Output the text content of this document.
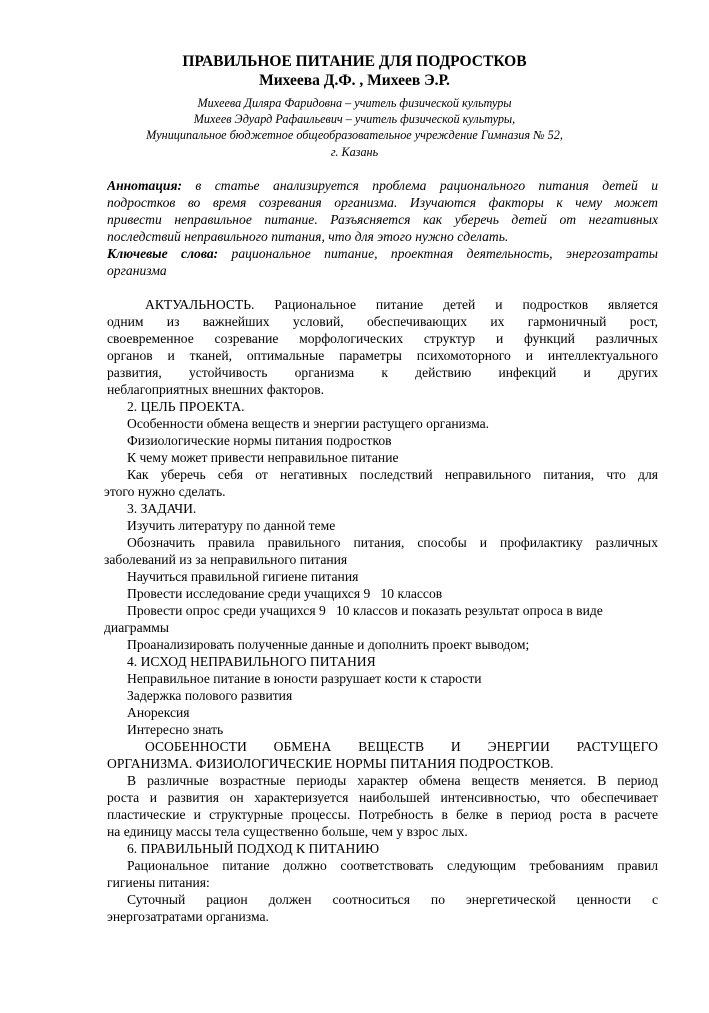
ПРАВИЛЬНОЕ ПИТАНИЕ ДЛЯ ПОДРОСТКОВ

Михеева Д.Ф. , Михеев Э.Р.

Михеева Диляра Фаридовна – учитель физической культуры

Михеев Эдуард Рафаильевич – учитель физической культуры,

Муниципальное бюджетное общеобразовательное учреждение Гимназия № 52,

г. Казань

Аннотация: в статье анализируется проблема рационального питания детей и
подростков во время созревания организма. Изучаются факторы к чему может
привести неправильное питание. Разъясняется как уберечь детей от негативных
последствий неправильного питания, что для этого нужно сделать.
Ключевые слова: рациональное питание, проектная деятельность, энергозатраты
организма
АКТУАЛЬНОСТЬ. Рациональное питание детей и подростков является
одним из важнейших условий, обеспечивающих их гармоничный рост,
своевременное созревание морфологических структур и функций различных
органов и тканей, оптимальные параметры психомоторного и интеллектуального
развития, устойчивость организма к действию инфекций и других
неблагоприятных внешних факторов.
2. ЦЕЛЬ ПРОЕКТА.
Особенности обмена веществ и энергии растущего организма.
Физиологические нормы питания подростков
К чему может привести неправильное питание
Как уберечь себя от негативных последствий неправильного питания, что для
этого нужно сделать.
3. ЗАДАЧИ.
Изучить литературу по данной теме
Обозначить правила правильного питания, способы и профилактику различных
заболеваний из за неправильного питания
Научиться правильной гигиене питания
Провести исследование среди учащихся 9   10 классов
Провести опрос среди учащихся 9   10 классов и показать результат опроса в виде
диаграммы
Проанализировать полученные данные и дополнить проект выводом;
4. ИСХОД НЕПРАВИЛЬНОГО ПИТАНИЯ
Неправильное питание в юности разрушает кости к старости
Задержка полового развития
Анорексия
Интересно знать
ОСОБЕННОСТИ ОБМЕНА ВЕЩЕСТВ И ЭНЕРГИИ РАСТУЩЕГО
ОРГАНИЗМА. ФИЗИОЛОГИЧЕСКИЕ НОРМЫ ПИТАНИЯ ПОДРОСТКОВ.
В различные возрастные периоды характер обмена веществ меняется. В период
роста и развития он характеризуется наибольшей интенсивностью, что обеспечивает
пластические и структурные процессы. Потребность в белке в период роста в расчете
на единицу массы тела существенно больше, чем у взрос лых.
6. ПРАВИЛЬНЫЙ ПОДХОД К ПИТАНИЮ
Рациональное питание должно соответствовать следующим требованиям правил
гигиены питания:
Суточный рацион должен соотноситься по энергетической ценности с
энергозатратами организма.
